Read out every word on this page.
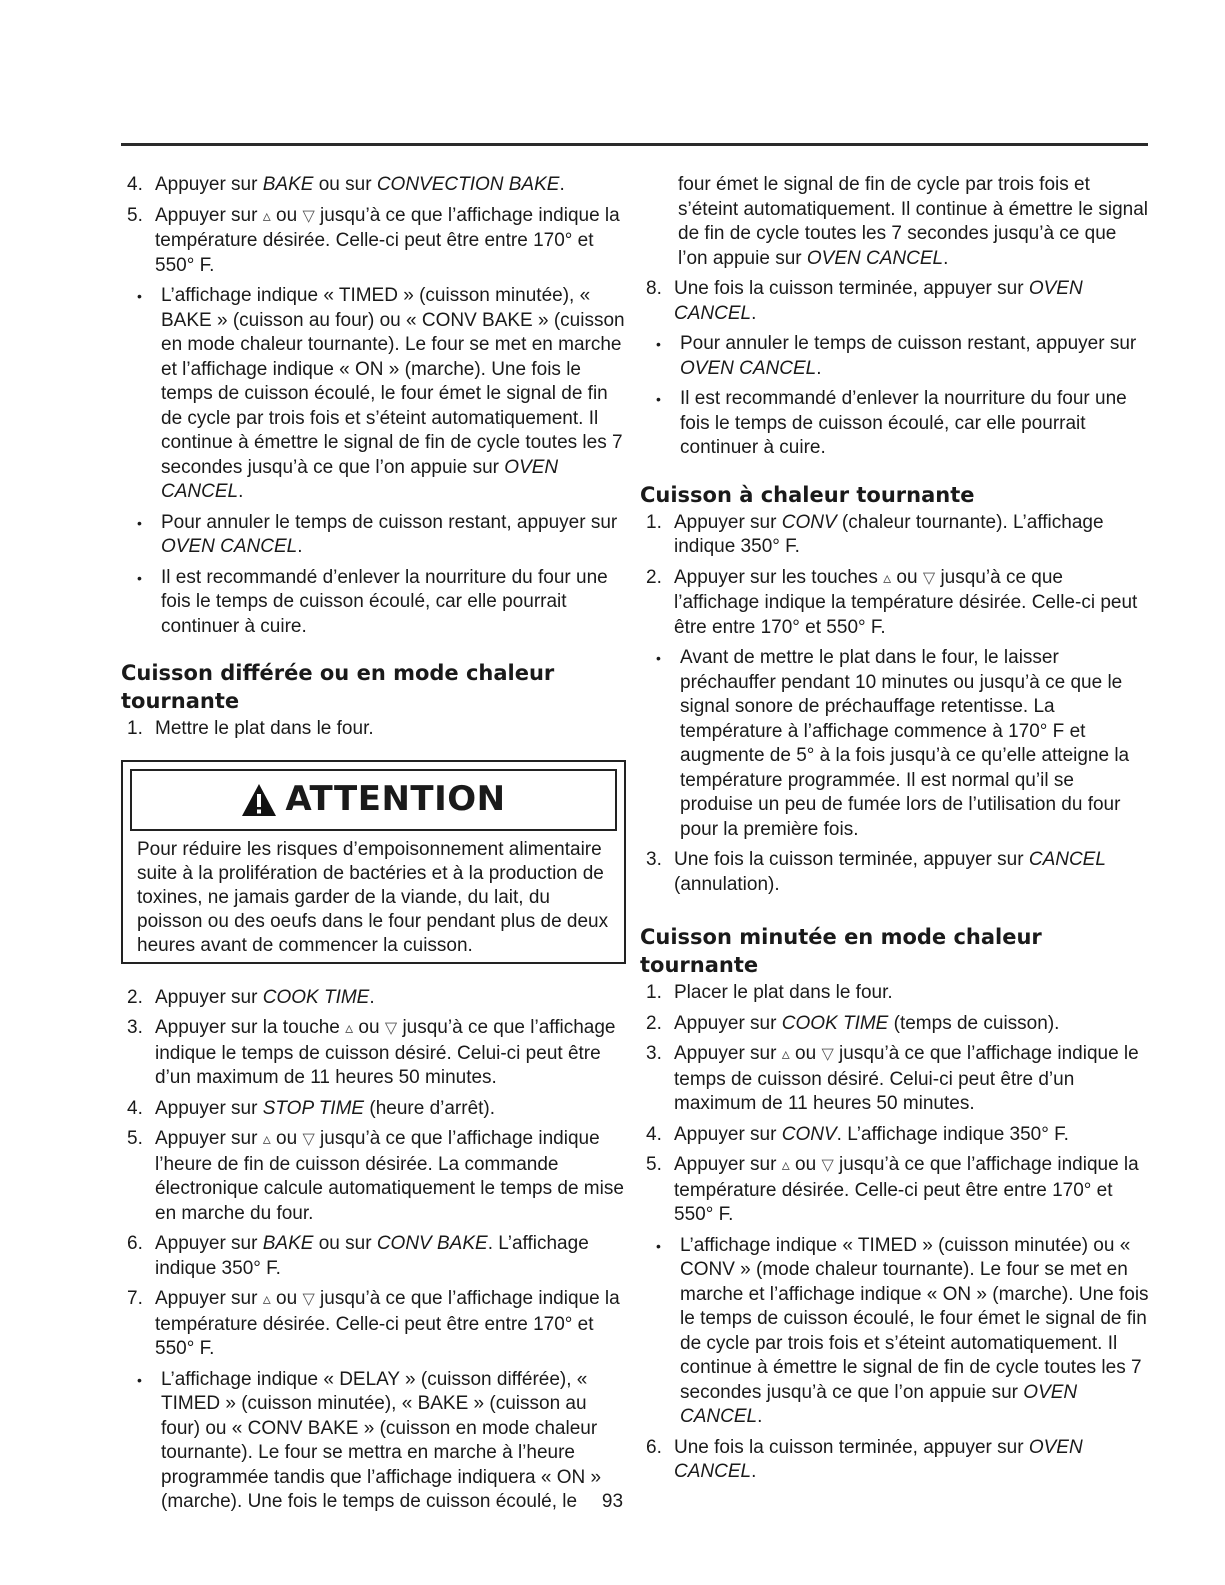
4. Appuyer sur BAKE ou sur CONVECTION BAKE.
5. Appuyer sur ▵ ou ▽ jusqu’à ce que l’affichage indique la température désirée. Celle-ci peut être entre 170° et 550° F.
•	L’affichage indique « TIMED » (cuisson minutée), « BAKE » (cuisson au four) ou « CONV BAKE » (cuisson en mode chaleur tournante). Le four se met en marche et l’affichage indique « ON » (marche). Une fois le temps de cuisson écoulé, le four émet le signal de fin de cycle par trois fois et s’éteint automatiquement. Il continue à émettre le signal de fin de cycle toutes les 7 secondes jusqu’à ce que l’on appuie sur OVEN CANCEL.
•	Pour annuler le temps de cuisson restant, appuyer sur OVEN CANCEL.
•	Il est recommandé d’enlever la nourriture du four une fois le temps de cuisson écoulé, car elle pourrait continuer à cuire.
Cuisson différée ou en mode chaleur tournante
1. Mettre le plat dans le four.
ATTENTION
Pour réduire les risques d’empoisonnement alimentaire suite à la prolifération de bactéries et à la production de toxines, ne jamais garder de la viande, du lait, du poisson ou des oeufs dans le four pendant plus de deux heures avant de commencer la cuisson.
2. Appuyer sur COOK TIME.
3. Appuyer sur la touche ▵ ou ▽ jusqu’à ce que l’affichage indique le temps de cuisson désiré. Celui-ci peut être d’un maximum de 11 heures 50 minutes.
4. Appuyer sur STOP TIME (heure d’arrêt).
5. Appuyer sur ▵ ou ▽ jusqu’à ce que l’affichage indique l’heure de fin de cuisson désirée. La commande électronique calcule automatiquement le temps de mise en marche du four.
6. Appuyer sur BAKE ou sur CONV BAKE. L’affichage indique 350° F.
7. Appuyer sur ▵ ou ▽ jusqu’à ce que l’affichage indique la température désirée. Celle-ci peut être entre 170° et 550° F.
•	L’affichage indique « DELAY » (cuisson différée), « TIMED » (cuisson minutée), « BAKE » (cuisson au four) ou « CONV BAKE » (cuisson en mode chaleur tournante). Le four se mettra en marche à l’heure programmée tandis que l’affichage indiquera « ON » (marche). Une fois le temps de cuisson écoulé, le
four émet le signal de fin de cycle par trois fois et s’éteint automatiquement. Il continue à émettre le signal de fin de cycle toutes les 7 secondes jusqu’à ce que l’on appuie sur OVEN CANCEL.
8. Une fois la cuisson terminée, appuyer sur OVEN CANCEL.
•	Pour annuler le temps de cuisson restant, appuyer sur OVEN CANCEL.
•	Il est recommandé d’enlever la nourriture du four une fois le temps de cuisson écoulé, car elle pourrait continuer à cuire.
Cuisson à chaleur tournante
1. Appuyer sur CONV (chaleur tournante). L’affichage indique 350° F.
2. Appuyer sur les touches ▵ ou ▽ jusqu’à ce que l’affichage indique la température désirée. Celle-ci peut être entre 170° et 550° F.
•	Avant de mettre le plat dans le four, le laisser préchauffer pendant 10 minutes ou jusqu’à ce que le signal sonore de préchauffage retentisse. La température à l’affichage commence à 170° F et augmente de 5° à la fois jusqu’à ce qu’elle atteigne la température programmée. Il est normal qu’il se produise un peu de fumée lors de l’utilisation du four pour la première fois.
3. Une fois la cuisson terminée, appuyer sur CANCEL (annulation).
Cuisson minutée en mode chaleur tournante
1. Placer le plat dans le four.
2. Appuyer sur COOK TIME (temps de cuisson).
3. Appuyer sur ▵ ou ▽ jusqu’à ce que l’affichage indique le temps de cuisson désiré. Celui-ci peut être d’un maximum de 11 heures 50 minutes.
4. Appuyer sur CONV. L’affichage indique 350° F.
5. Appuyer sur ▵ ou ▽ jusqu’à ce que l’affichage indique la température désirée. Celle-ci peut être entre 170° et 550° F.
•	L’affichage indique « TIMED » (cuisson minutée) ou « CONV » (mode chaleur tournante). Le four se met en marche et l’affichage indique « ON » (marche). Une fois le temps de cuisson écoulé, le four émet le signal de fin de cycle par trois fois et s’éteint automatiquement. Il continue à émettre le signal de fin de cycle toutes les 7 secondes jusqu’à ce que l’on appuie sur OVEN CANCEL.
6. Une fois la cuisson terminée, appuyer sur OVEN CANCEL.
93
